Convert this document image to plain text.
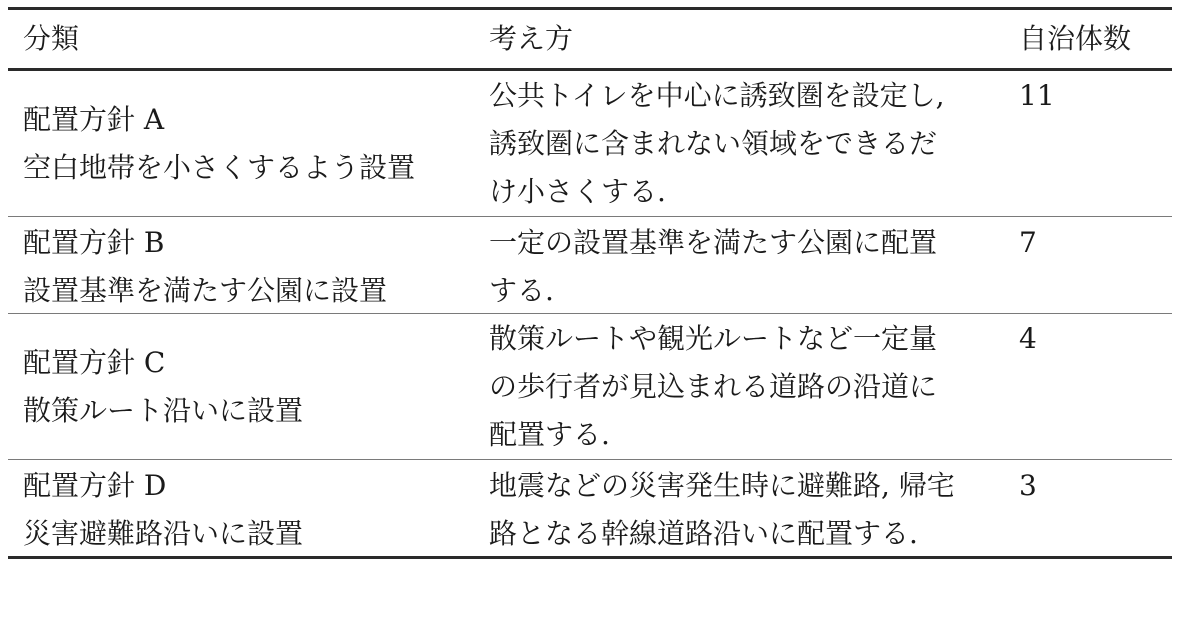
分類	考え方	自治体数
配置方針 A
空白地帯を小さくするよう設置
公共トイレを中心に誘致圏を設定し,
誘致圏に含まれない領域をできるだ
け小さくする.
11
配置方針 B
設置基準を満たす公園に設置
一定の設置基準を満たす公園に配置
する.
7
配置方針 C
散策ルート沿いに設置
散策ルートや観光ルートなど一定量
の歩行者が見込まれる道路の沿道に
配置する.
4
配置方針 D
災害避難路沿いに設置
地震などの災害発生時に避難路, 帰宅
路となる幹線道路沿いに配置する.
3
